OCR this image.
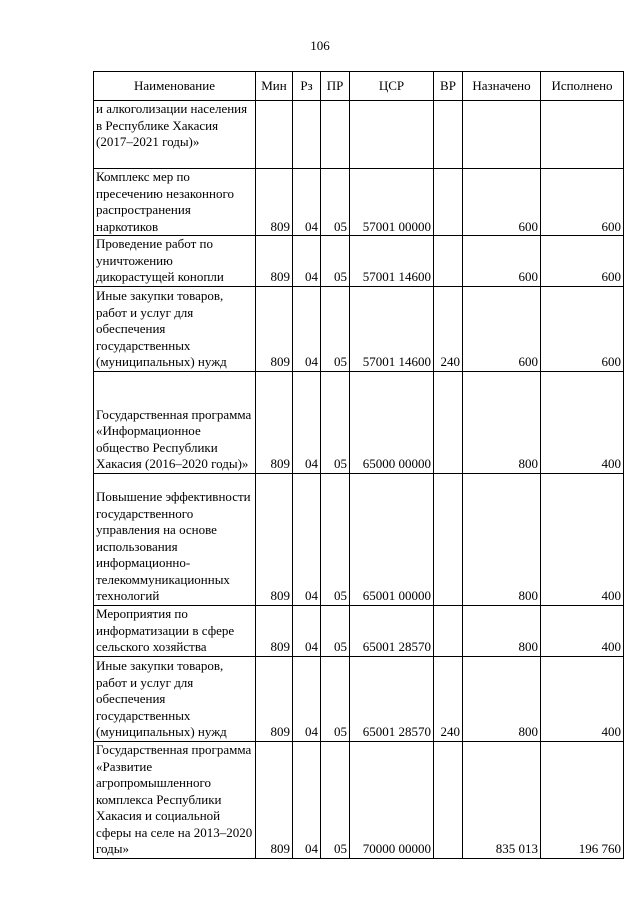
106
Наименование	Мин	Рз	ПР	ЦСР	ВР	Назначено	Исполнено
и алкоголизации населения в Республике Хакасия (2017–2021 годы)»							
Комплекс мер по пресечению незаконного распространения наркотиков	809	04	05	57001 00000		600	600
Проведение работ по уничтожению дикорастущей конопли	809	04	05	57001 14600		600	600
Иные закупки товаров, работ и услуг для обеспечения государственных (муниципальных) нужд	809	04	05	57001 14600	240	600	600
Государственная программа «Информационное общество Республики Хакасия (2016–2020 годы)»	809	04	05	65000 00000		800	400
Повышение эффективности государственного управления на основе использования информационно-телекоммуникационных технологий	809	04	05	65001 00000		800	400
Мероприятия по информатизации в сфере сельского хозяйства	809	04	05	65001 28570		800	400
Иные закупки товаров, работ и услуг для обеспечения государственных (муниципальных) нужд	809	04	05	65001 28570	240	800	400
Государственная программа «Развитие агропромышленного комплекса Республики Хакасия и социальной сферы на селе на 2013–2020 годы»	809	04	05	70000 00000		835 013	196 760
